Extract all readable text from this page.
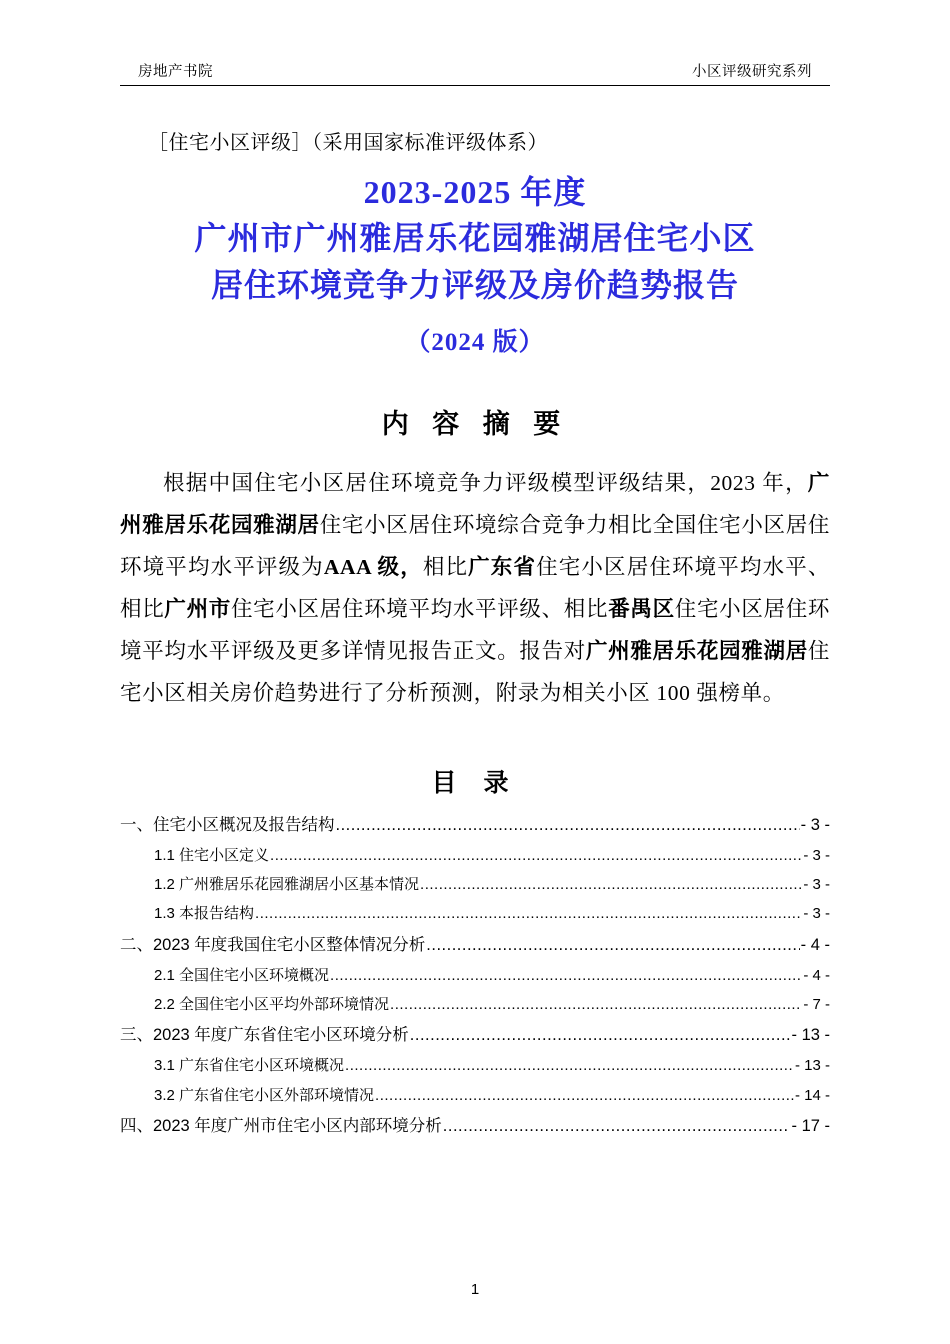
房地产书院	小区评级研究系列
［住宅小区评级］（采用国家标准评级体系）
2023-2025 年度
广州市广州雅居乐花园雅湖居住宅小区
居住环境竞争力评级及房价趋势报告
（2024 版）
内 容 摘 要
根据中国住宅小区居住环境竞争力评级模型评级结果，2023 年，广州雅居乐花园雅湖居住宅小区居住环境综合竞争力相比全国住宅小区居住环境平均水平评级为AAA 级，相比广东省住宅小区居住环境平均水平、相比广州市住宅小区居住环境平均水平评级、相比番禺区住宅小区居住环境平均水平评级及更多详情见报告正文。报告对广州雅居乐花园雅湖居住宅小区相关房价趋势进行了分析预测，附录为相关小区 100 强榜单。
目 录
一、住宅小区概况及报告结构 .....	- 3 -
1.1 住宅小区定义 .....	- 3 -
1.2 广州雅居乐花园雅湖居小区基本情况 .....	- 3 -
1.3 本报告结构 .....	- 3 -
二、2023 年度我国住宅小区整体情况分析 .....	- 4 -
2.1 全国住宅小区环境概况 .....	- 4 -
2.2 全国住宅小区平均外部环境情况 .....	- 7 -
三、2023 年度广东省住宅小区环境分析 .....	- 13 -
3.1 广东省住宅小区环境概况 .....	- 13 -
3.2 广东省住宅小区外部环境情况 .....	- 14 -
四、2023 年度广州市住宅小区内部环境分析 .....	- 17 -
1
